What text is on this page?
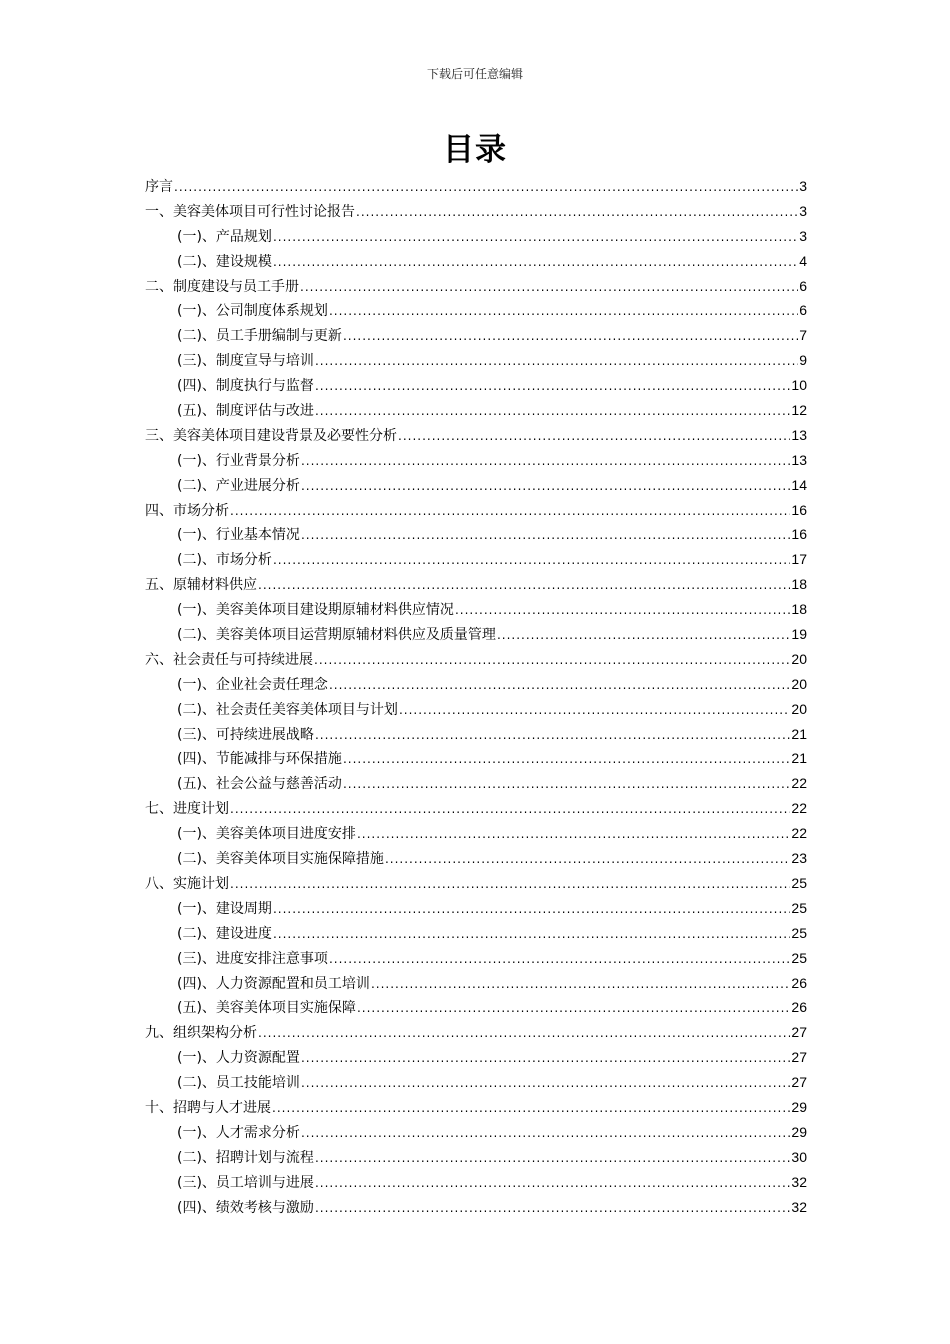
下载后可任意编辑
目录
序言 .....	3
一、美容美体项目可行性讨论报告 .....	3
(一)、产品规划 .....	3
(二)、建设规模 .....	4
二、制度建设与员工手册 .....	6
(一)、公司制度体系规划 .....	6
(二)、员工手册编制与更新 .....	7
(三)、制度宣导与培训 .....	9
(四)、制度执行与监督 .....	10
(五)、制度评估与改进 .....	12
三、美容美体项目建设背景及必要性分析 .....	13
(一)、行业背景分析 .....	13
(二)、产业进展分析 .....	14
四、市场分析 .....	16
(一)、行业基本情况 .....	16
(二)、市场分析 .....	17
五、原辅材料供应 .....	18
(一)、美容美体项目建设期原辅材料供应情况 .....	18
(二)、美容美体项目运营期原辅材料供应及质量管理 .....	19
六、社会责任与可持续进展 .....	20
(一)、企业社会责任理念 .....	20
(二)、社会责任美容美体项目与计划 .....	20
(三)、可持续进展战略 .....	21
(四)、节能减排与环保措施 .....	21
(五)、社会公益与慈善活动 .....	22
七、进度计划 .....	22
(一)、美容美体项目进度安排 .....	22
(二)、美容美体项目实施保障措施 .....	23
八、实施计划 .....	25
(一)、建设周期 .....	25
(二)、建设进度 .....	25
(三)、进度安排注意事项 .....	25
(四)、人力资源配置和员工培训 .....	26
(五)、美容美体项目实施保障 .....	26
九、组织架构分析 .....	27
(一)、人力资源配置 .....	27
(二)、员工技能培训 .....	27
十、招聘与人才进展 .....	29
(一)、人才需求分析 .....	29
(二)、招聘计划与流程 .....	30
(三)、员工培训与进展 .....	32
(四)、绩效考核与激励 .....	32
